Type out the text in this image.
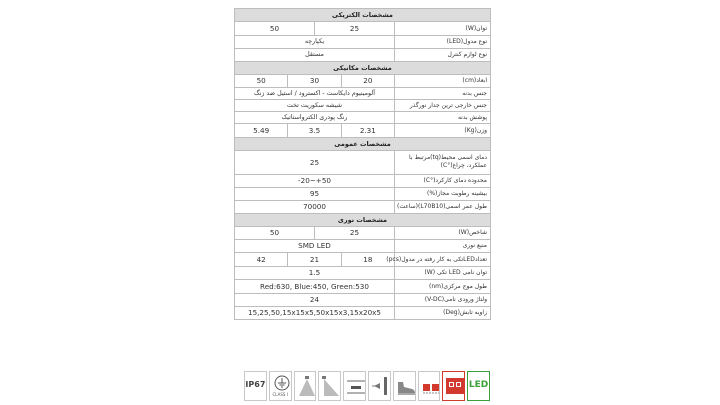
مشخصات الکتریکی
توان(W)
25
50
نوع مدول(LED)
یکپارچه
نوع لوازم کنترل
مستقل
مشخصات مکانیکی
ابعاد(cm)
20
30
50
جنس بدنه
آلومینیوم دایکاست - اکسترود / استیل ضد زنگ
جنس خارجی ترین جدار نورگذر
شیشه سکوریت تخت
پوشش بدنه
رنگ پودری الکترواستاتیک
وزن(Kg)
2.31
3.5
5.49
مشخصات عمومی
دمای اسمی محیط(tq)مرتبط با عملکرد، چراغ(°C)
25
محدوده دمای کارکرد(°C)
-20~+50
بیشینه رطوبت مجاز(%)
95
طول عمر اسمی(L70B10)(ساعت)
70000
مشخصات نوری
شاخص(W)
25
50
منبع نوری
SMD LED
تعدادLEDتکی به کار رفته در مدول(pcs)
18
21
42
توان نامی LED تکی (W)
1.5
طول موج مرکزی(nm)
Red:630, Blue:450, Green:530
ولتاژ ورودی نامی(V-DC)
24
زاویه تابش(Deg)
15,25,50,15x15x5,50x15x3,15x20x5
IP67
CLASS I
LED
